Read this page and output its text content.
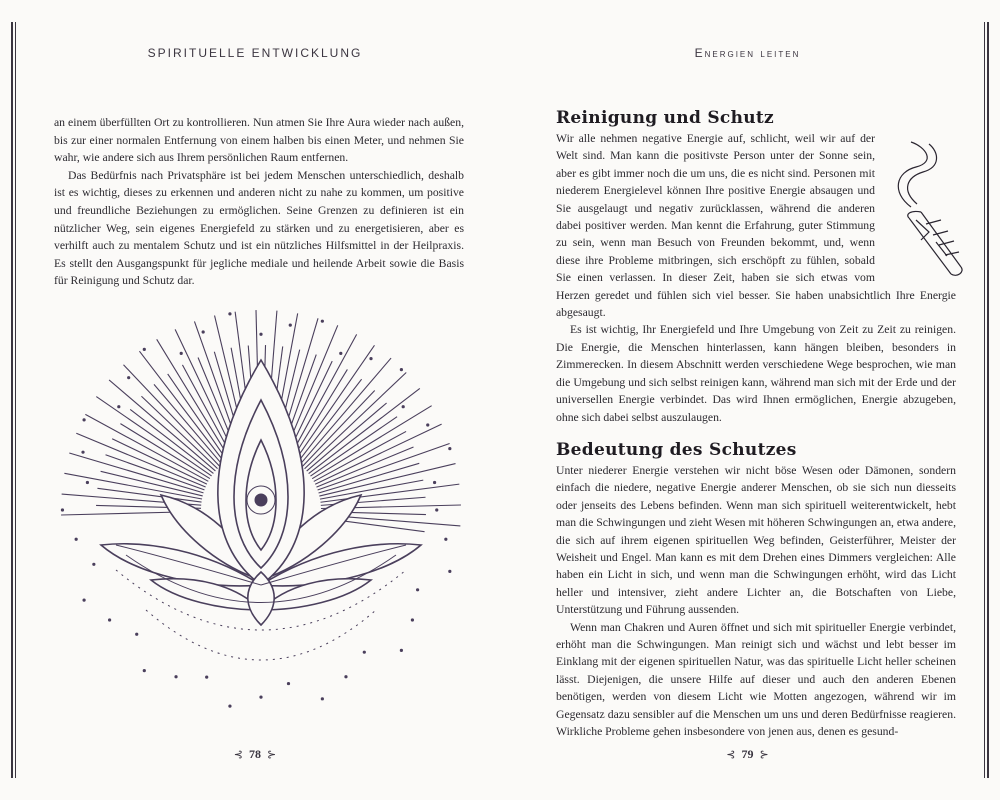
SPIRITUELLE ENTWICKLUNG

an einem überfüllten Ort zu kontrollieren. Nun atmen Sie Ihre Aura wieder nach außen, bis zur einer normalen Entfernung von einem halben bis einen Meter, und nehmen Sie wahr, wie andere sich aus Ihrem persönlichen Raum entfernen.

Das Bedürfnis nach Privatsphäre ist bei jedem Menschen unterschiedlich, deshalb ist es wichtig, dieses zu erkennen und anderen nicht zu nahe zu kommen, um positive und freundliche Beziehungen zu ermöglichen. Seine Grenzen zu definieren ist ein nützlicher Weg, sein eigenes Energiefeld zu stärken und zu energetisieren, aber es verhilft auch zu mentalem Schutz und ist ein nützliches Hilfsmittel in der Heilpraxis. Es stellt den Ausgangspunkt für jegliche mediale und heilende Arbeit sowie die Basis für Reinigung und Schutz dar.

⊰ 78 ⊱
Energien leiten
Reinigung und Schutz

Wir alle nehmen negative Energie auf, schlicht, weil wir auf der Welt sind. Man kann die positivste Person unter der Sonne sein, aber es gibt immer noch die um uns, die es nicht sind. Personen mit niederem Energielevel können Ihre positive Energie absaugen und Sie ausgelaugt und negativ zurücklassen, während die anderen dabei positiver werden. Man kennt die Erfahrung, guter Stimmung zu sein, wenn man Besuch von Freunden bekommt, und, wenn diese ihre Probleme mitbringen, sich erschöpft zu fühlen, sobald Sie einen verlassen. In dieser Zeit, haben sie sich etwas vom Herzen geredet und fühlen sich viel besser. Sie haben unabsichtlich Ihre Energie abgesaugt.

Es ist wichtig, Ihr Energiefeld und Ihre Umgebung von Zeit zu Zeit zu reinigen. Die Energie, die Menschen hinterlassen, kann hängen bleiben, besonders in Zimmerecken. In diesem Abschnitt werden verschiedene Wege besprochen, wie man die Umgebung und sich selbst reinigen kann, während man sich mit der Erde und der universellen Energie verbindet. Das wird Ihnen ermöglichen, Energie abzugeben, ohne sich dabei selbst auszulaugen.

Bedeutung des Schutzes

Unter niederer Energie verstehen wir nicht böse Wesen oder Dämonen, sondern einfach die niedere, negative Energie anderer Menschen, ob sie sich nun diesseits oder jenseits des Lebens befinden. Wenn man sich spirituell weiterentwickelt, hebt man die Schwingungen und zieht Wesen mit höheren Schwingungen an, etwa andere, die sich auf ihrem eigenen spirituellen Weg befinden, Geisterführer, Meister der Weisheit und Engel. Man kann es mit dem Drehen eines Dimmers vergleichen: Alle haben ein Licht in sich, und wenn man die Schwingungen erhöht, wird das Licht heller und intensiver, zieht andere Lichter an, die Botschaften von Liebe, Unterstützung und Führung aussenden.

Wenn man Chakren und Auren öffnet und sich mit spiritueller Energie verbindet, erhöht man die Schwingungen. Man reinigt sich und wächst und lebt besser im Einklang mit der eigenen spirituellen Natur, was das spirituelle Licht heller scheinen lässt. Diejenigen, die unsere Hilfe auf dieser und auch den anderen Ebenen benötigen, werden von diesem Licht wie Motten angezogen, während wir im Gegensatz dazu sensibler auf die Menschen um uns und deren Bedürfnisse reagieren. Wirkliche Probleme gehen insbesondere von jenen aus, denen es gesund-

⊰ 79 ⊱
